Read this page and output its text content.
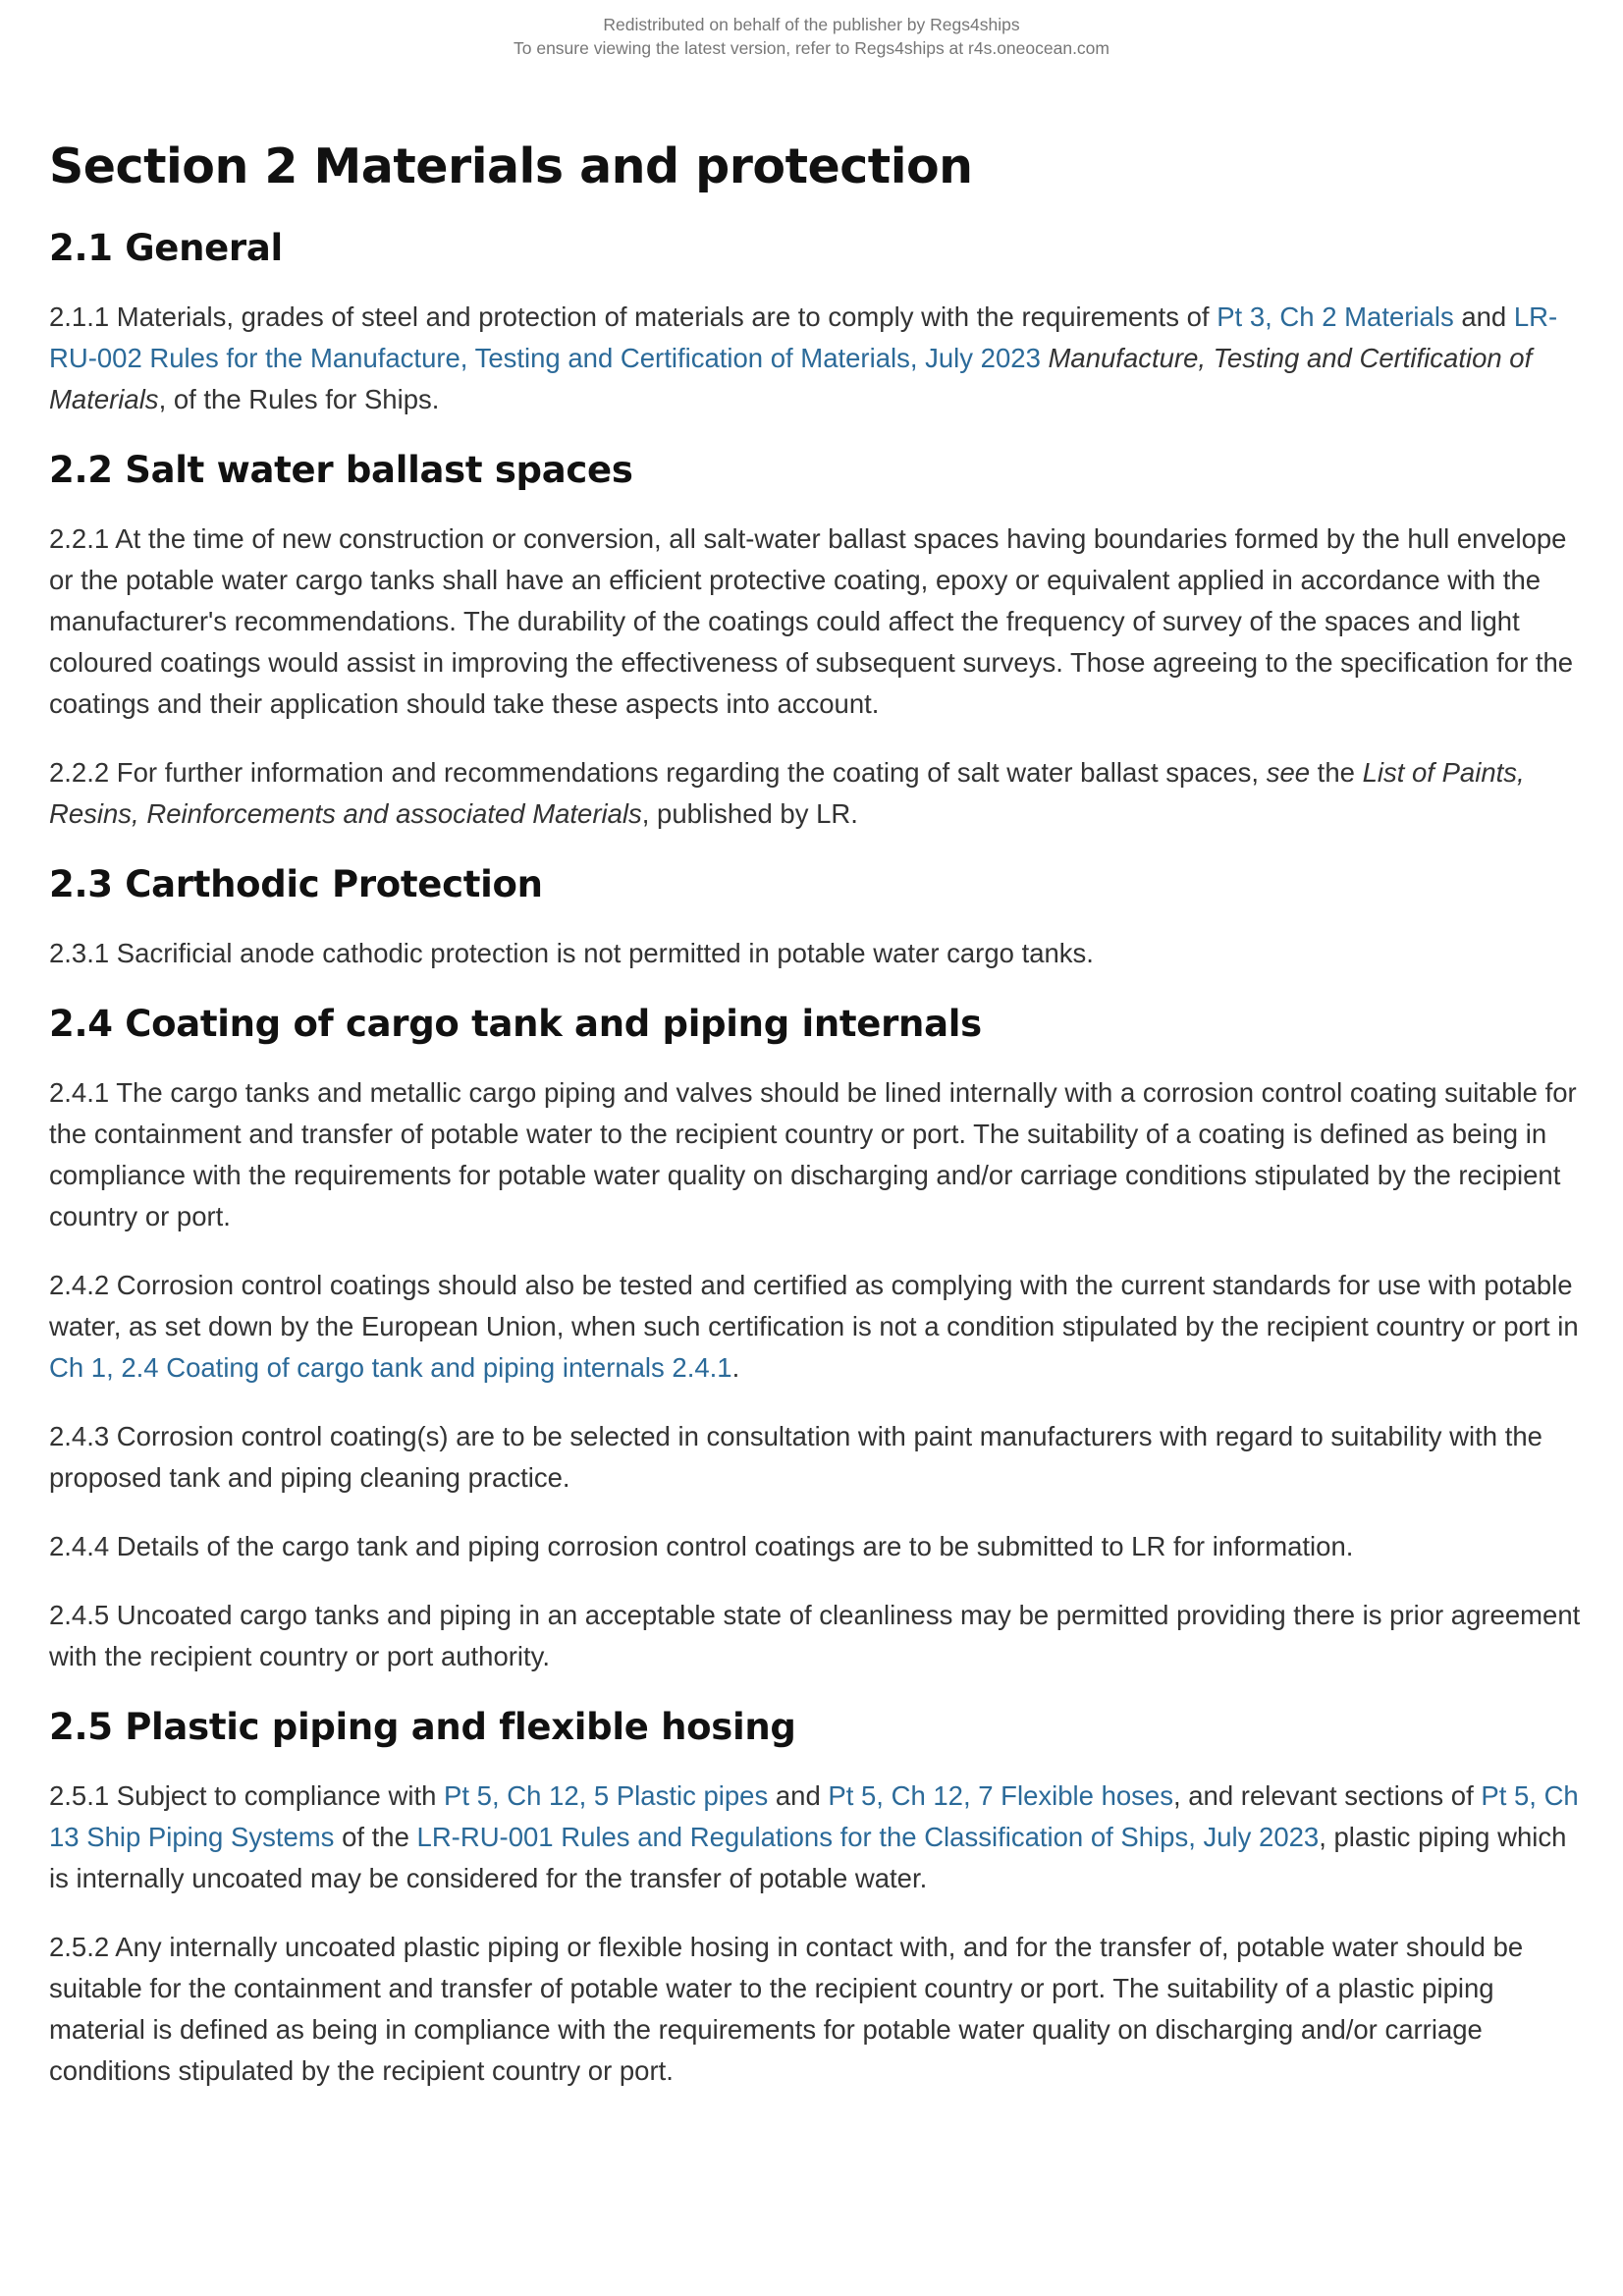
Redistributed on behalf of the publisher by Regs4ships
To ensure viewing the latest version, refer to Regs4ships at r4s.oneocean.com
Section 2 Materials and protection
2.1 General

2.1.1 Materials, grades of steel and protection of materials are to comply with the requirements of Pt 3, Ch 2 Materials and LR-RU-002 Rules for the Manufacture, Testing and Certification of Materials, July 2023 Manufacture, Testing and Certification of Materials, of the Rules for Ships.

2.2 Salt water ballast spaces

2.2.1 At the time of new construction or conversion, all salt-water ballast spaces having boundaries formed by the hull envelope or the potable water cargo tanks shall have an efficient protective coating, epoxy or equivalent applied in accordance with the manufacturer's recommendations. The durability of the coatings could affect the frequency of survey of the spaces and light coloured coatings would assist in improving the effectiveness of subsequent surveys. Those agreeing to the specification for the coatings and their application should take these aspects into account.

2.2.2 For further information and recommendations regarding the coating of salt water ballast spaces, see the List of Paints, Resins, Reinforcements and associated Materials, published by LR.

2.3 Carthodic Protection

2.3.1 Sacrificial anode cathodic protection is not permitted in potable water cargo tanks.

2.4 Coating of cargo tank and piping internals

2.4.1 The cargo tanks and metallic cargo piping and valves should be lined internally with a corrosion control coating suitable for the containment and transfer of potable water to the recipient country or port. The suitability of a coating is defined as being in compliance with the requirements for potable water quality on discharging and/or carriage conditions stipulated by the recipient country or port.

2.4.2 Corrosion control coatings should also be tested and certified as complying with the current standards for use with potable water, as set down by the European Union, when such certification is not a condition stipulated by the recipient country or port in Ch 1, 2.4 Coating of cargo tank and piping internals 2.4.1.

2.4.3 Corrosion control coating(s) are to be selected in consultation with paint manufacturers with regard to suitability with the proposed tank and piping cleaning practice.

2.4.4 Details of the cargo tank and piping corrosion control coatings are to be submitted to LR for information.

2.4.5 Uncoated cargo tanks and piping in an acceptable state of cleanliness may be permitted providing there is prior agreement with the recipient country or port authority.

2.5 Plastic piping and flexible hosing

2.5.1 Subject to compliance with Pt 5, Ch 12, 5 Plastic pipes and Pt 5, Ch 12, 7 Flexible hoses, and relevant sections of Pt 5, Ch 13 Ship Piping Systems of the LR-RU-001 Rules and Regulations for the Classification of Ships, July 2023, plastic piping which is internally uncoated may be considered for the transfer of potable water.

2.5.2 Any internally uncoated plastic piping or flexible hosing in contact with, and for the transfer of, potable water should be suitable for the containment and transfer of potable water to the recipient country or port. The suitability of a plastic piping material is defined as being in compliance with the requirements for potable water quality on discharging and/or carriage conditions stipulated by the recipient country or port.
